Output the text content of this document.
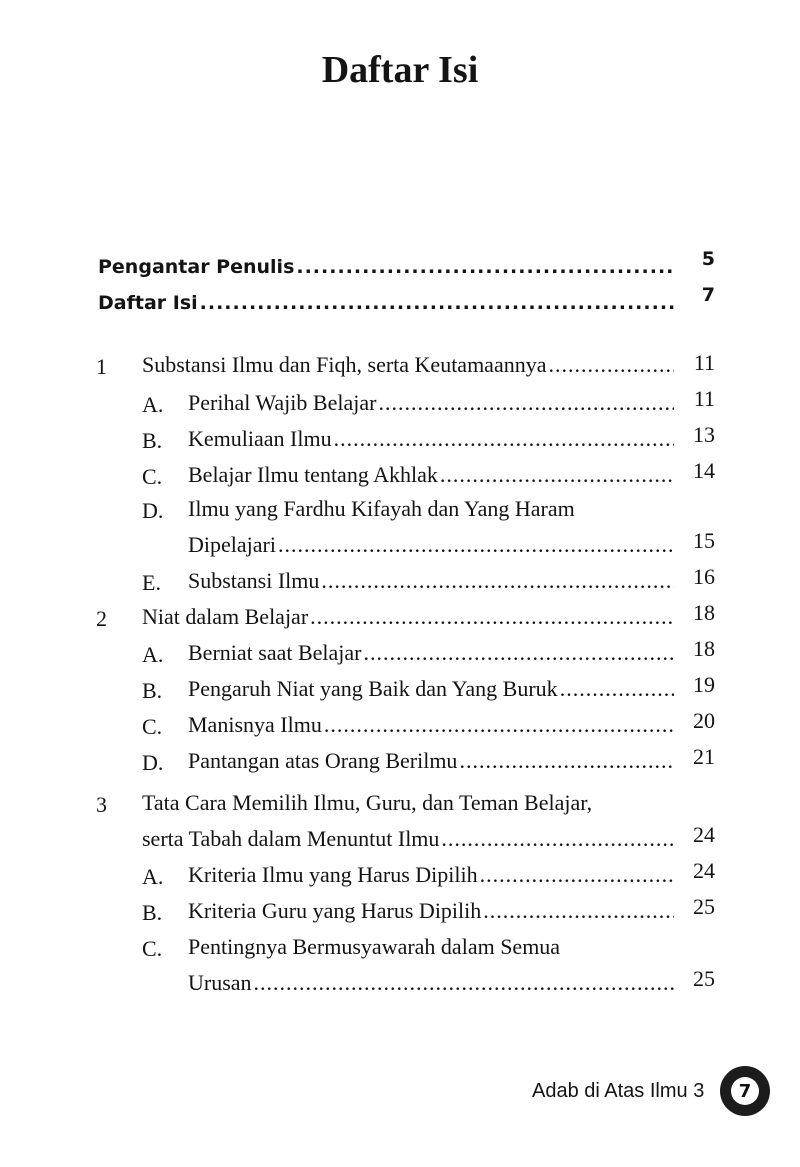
Daftar Isi
Pengantar Penulis .....	5
Daftar Isi .....	7
1	Substansi Ilmu dan Fiqh, serta Keutamaannya .....	11
A.	Perihal Wajib Belajar .....	11
B.	Kemuliaan Ilmu .....	13
C.	Belajar Ilmu tentang Akhlak .....	14
D.	Ilmu yang Fardhu Kifayah dan Yang Haram
Dipelajari .....	15
E.	Substansi Ilmu .....	16
2	Niat dalam Belajar .....	18
A.	Berniat saat Belajar .....	18
B.	Pengaruh Niat yang Baik dan Yang Buruk .....	19
C.	Manisnya Ilmu .....	20
D.	Pantangan atas Orang Berilmu .....	21
3	Tata Cara Memilih Ilmu, Guru, dan Teman Belajar,
serta Tabah dalam Menuntut Ilmu .....	24
A.	Kriteria Ilmu yang Harus Dipilih .....	24
B.	Kriteria Guru yang Harus Dipilih .....	25
C.	Pentingnya Bermusyawarah dalam Semua
Urusan .....	25
Adab di Atas Ilmu 3	7
